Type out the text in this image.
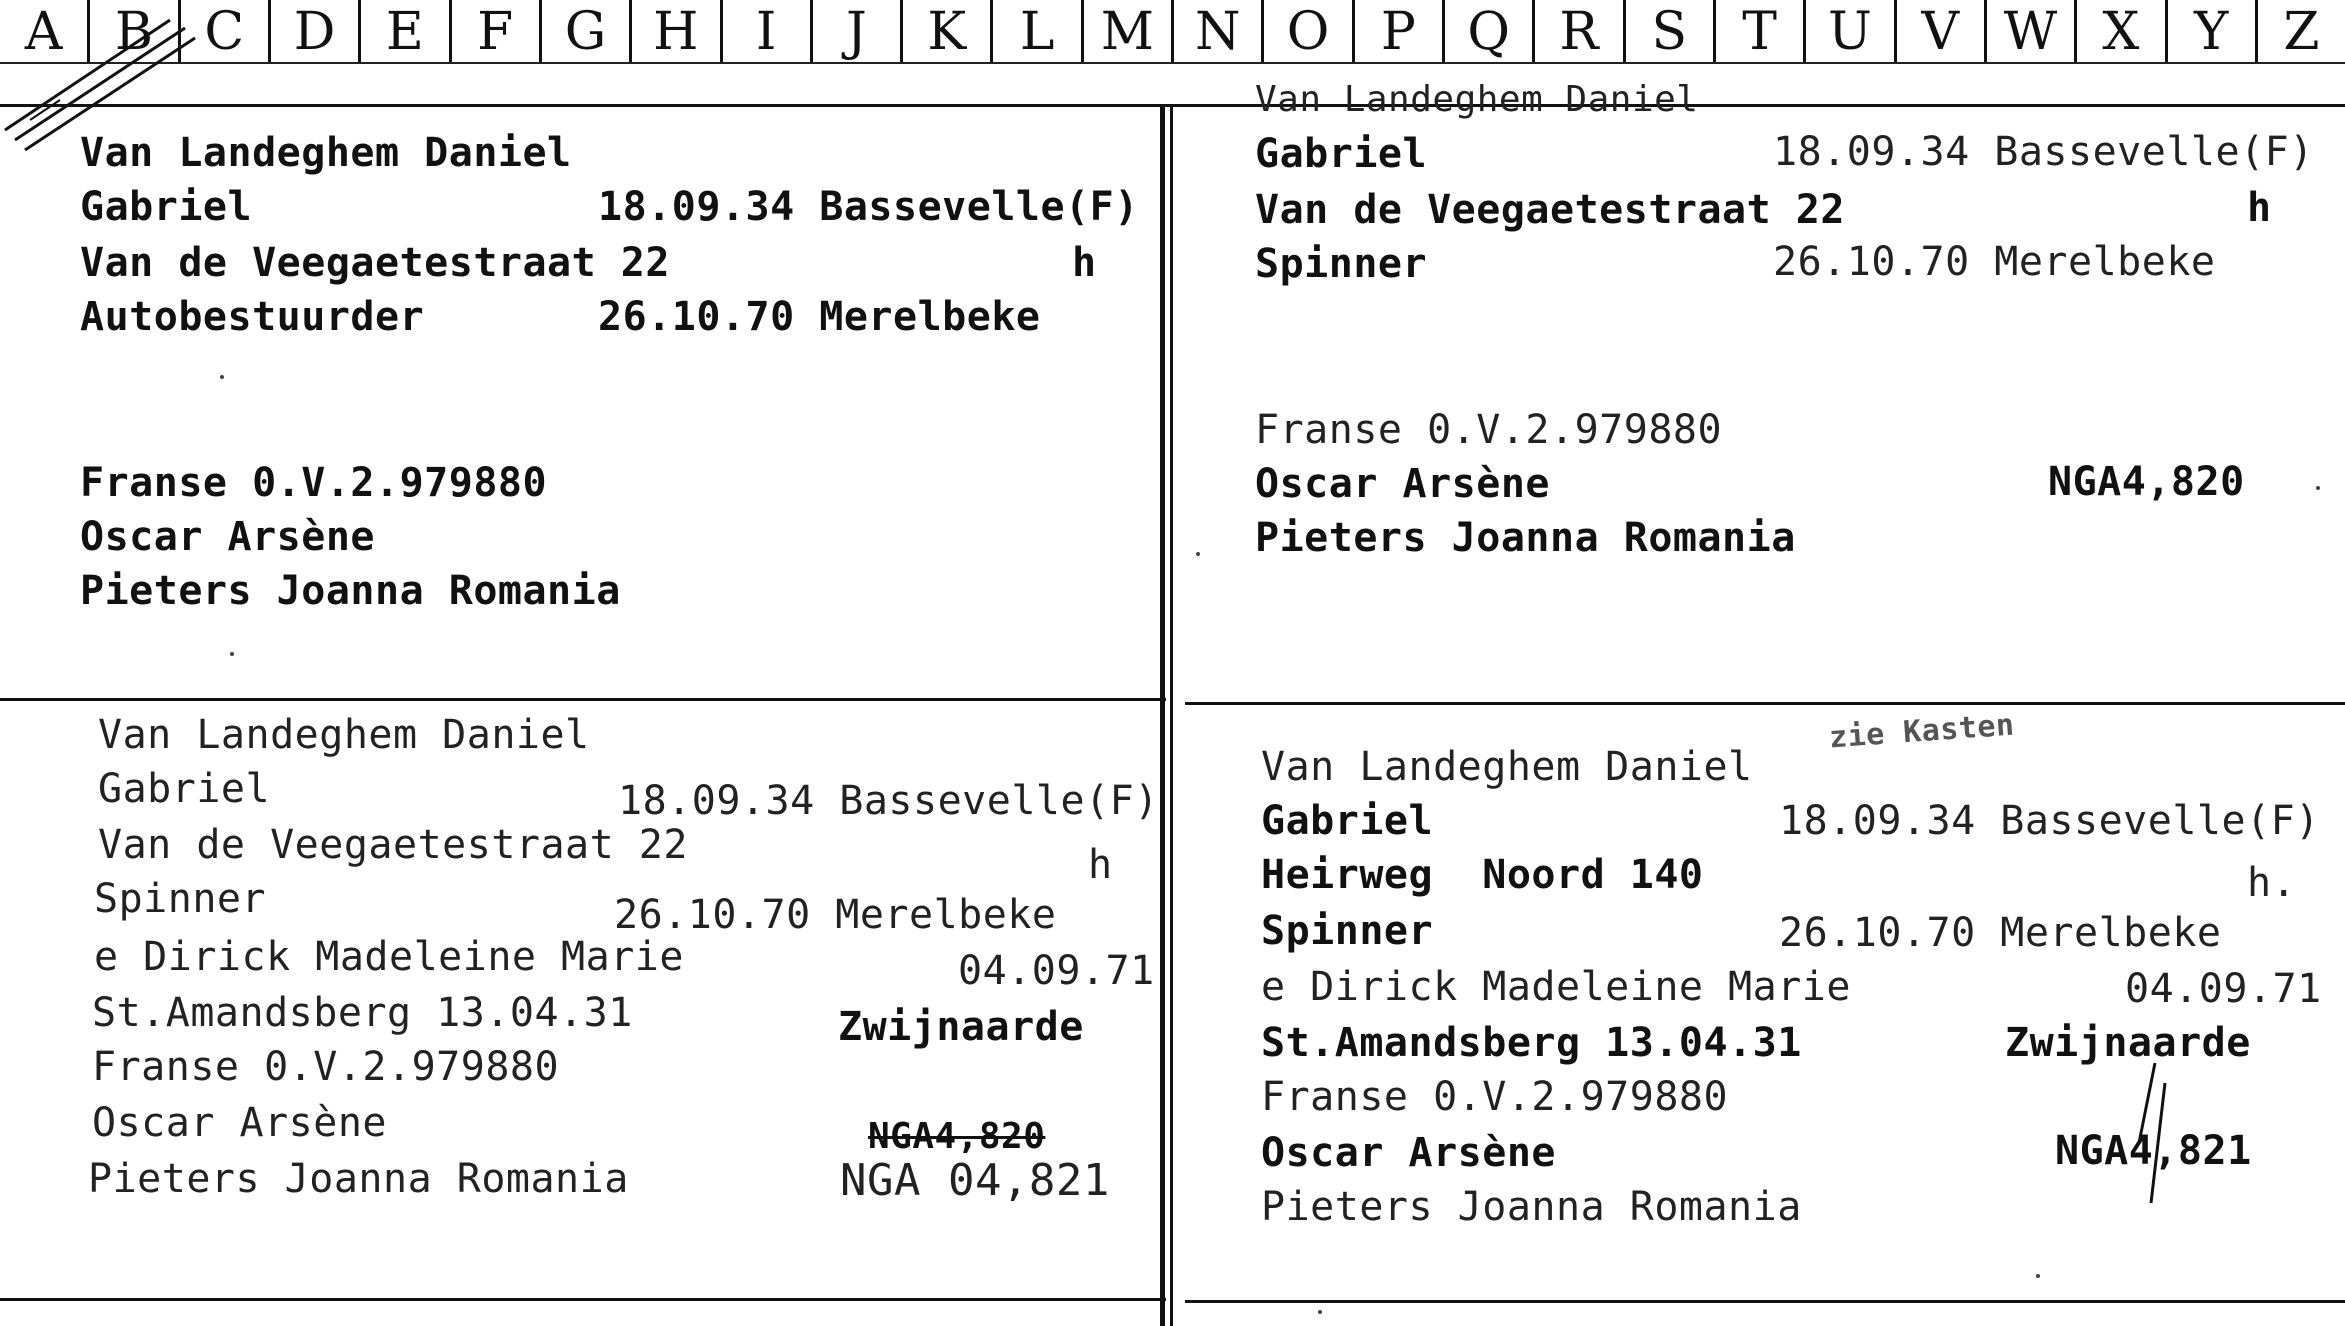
A	B C D E	F G H	I	J	K	L M N O P Q R	S	T U V W X	Y	Z
Van Landeghem Daniel
Gabriel	18.09.34 Bassevelle(F)
Van de Veegaetestraat 22	h
Autobestuurder	26.10.70 Merelbeke
Franse 0.V.2.979880
Oscar Arsène
Pieters Joanna Romania
Van Landeghem Daniel
Gabriel	18.09.34 Bassevelle(F)
Van de Veegaetestraat 22	h
Spinner	26.10.70 Merelbeke
Franse 0.V.2.979880
Oscar Arsène	NGA4,820
Pieters Joanna Romania
Van Landeghem Daniel
Gabriel	18.09.34 Bassevelle(F)
Van de Veegaetestraat 22	h
Spinner	26.10.70 Merelbeke
e Dirick Madeleine Marie	04.09.71
St.Amandsberg 13.04.31	Zwijnaarde
Franse 0.V.2.979880
Oscar Arsène	NGA4,820
Pieters Joanna Romania	NGA 04,821
zie Kasten
Van Landeghem Daniel
Gabriel	18.09.34 Bassevelle(F)
Heirweg  Noord 140	h.
Spinner	26.10.70 Merelbeke
e Dirick Madeleine Marie	04.09.71
St.Amandsberg 13.04.31	Zwijnaarde
Franse 0.V.2.979880
Oscar Arsène	NGA4,821
Pieters Joanna Romania
